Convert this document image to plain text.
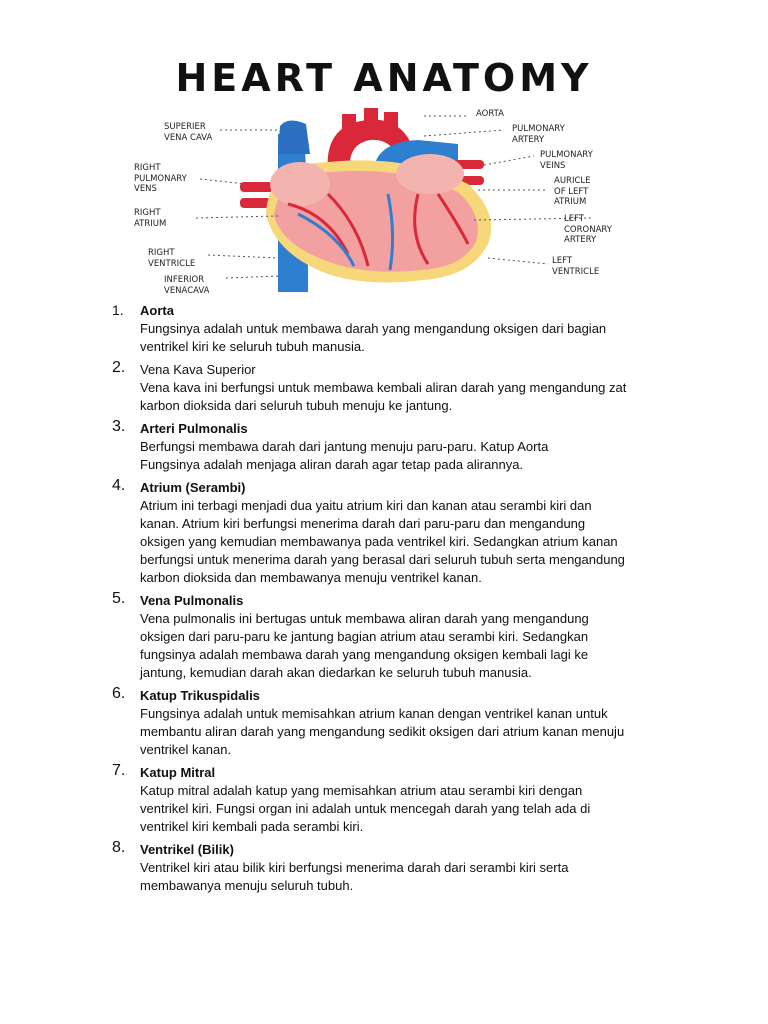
HEART ANATOMY
SUPERIER
VENA CAVA
RIGHT
PULMONARY
VENS
RIGHT
ATRIUM
RIGHT
VENTRICLE
INFERIOR
VENACAVA
AORTA
PULMONARY
ARTERY
PULMONARY
VEINS
AURICLE
OF LEFT
ATRIUM
LEFT
CORONARY
ARTERY
LEFT
VENTRICLE
1. Aorta
Fungsinya adalah untuk membawa darah yang mengandung oksigen dari bagian
ventrikel kiri ke seluruh tubuh manusia.
2. Vena Kava Superior
Vena kava ini berfungsi untuk membawa kembali aliran darah yang mengandung zat
karbon dioksida dari seluruh tubuh menuju ke jantung.
3. Arteri Pulmonalis
Berfungsi membawa darah dari jantung menuju paru-paru. Katup Aorta
Fungsinya adalah menjaga aliran darah agar tetap pada alirannya.
4. Atrium (Serambi)
Atrium ini terbagi menjadi dua yaitu atrium kiri dan kanan atau serambi kiri dan
kanan. Atrium kiri berfungsi menerima darah dari paru-paru dan mengandung
oksigen yang kemudian membawanya pada ventrikel kiri. Sedangkan atrium kanan
berfungsi untuk menerima darah yang berasal dari seluruh tubuh serta mengandung
karbon dioksida dan membawanya menuju ventrikel kanan.
5. Vena Pulmonalis
Vena pulmonalis ini bertugas untuk membawa aliran darah yang mengandung
oksigen dari paru-paru ke jantung bagian atrium atau serambi kiri. Sedangkan
fungsinya adalah membawa darah yang mengandung oksigen kembali lagi ke
jantung, kemudian darah akan diedarkan ke seluruh tubuh manusia.
6. Katup Trikuspidalis
Fungsinya adalah untuk memisahkan atrium kanan dengan ventrikel kanan untuk
membantu aliran darah yang mengandung sedikit oksigen dari atrium kanan menuju
ventrikel kanan.
7. Katup Mitral
Katup mitral adalah katup yang memisahkan atrium atau serambi kiri dengan
ventrikel kiri. Fungsi organ ini adalah untuk mencegah darah yang telah ada di
ventrikel kiri kembali pada serambi kiri.
8. Ventrikel (Bilik)
Ventrikel kiri atau bilik kiri berfungsi menerima darah dari serambi kiri serta
membawanya menuju seluruh tubuh.
